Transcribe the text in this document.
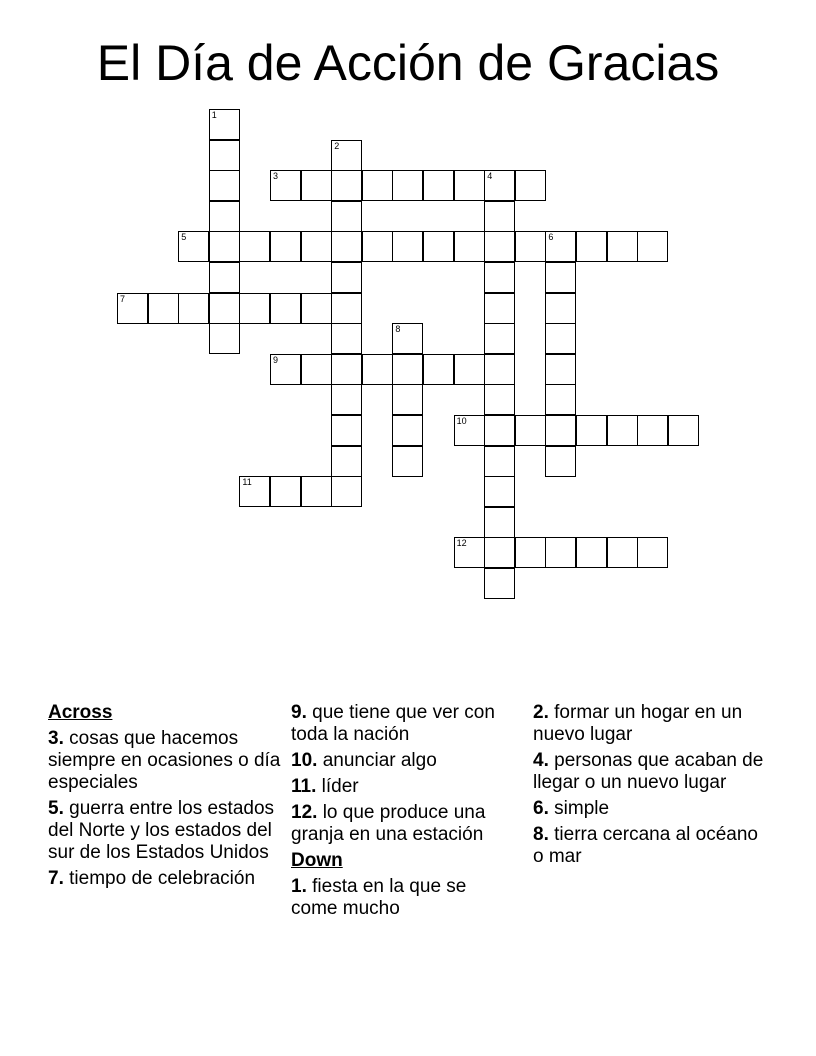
El Día de Acción de Gracias
1
2
3	4
5	6
7
8
9
10
11
12
Across
3. cosas que hacemos siempre en ocasiones o día especiales
5. guerra entre los estados del Norte y los estados del sur de los Estados Unidos
7. tiempo de celebración
9. que tiene que ver con toda la nación
10. anunciar algo
11. líder
12. lo que produce una granja en una estación
Down
1. fiesta en la que se come mucho
2. formar un hogar en un nuevo lugar
4. personas que acaban de llegar o un nuevo lugar
6. simple
8. tierra cercana al océano o mar
